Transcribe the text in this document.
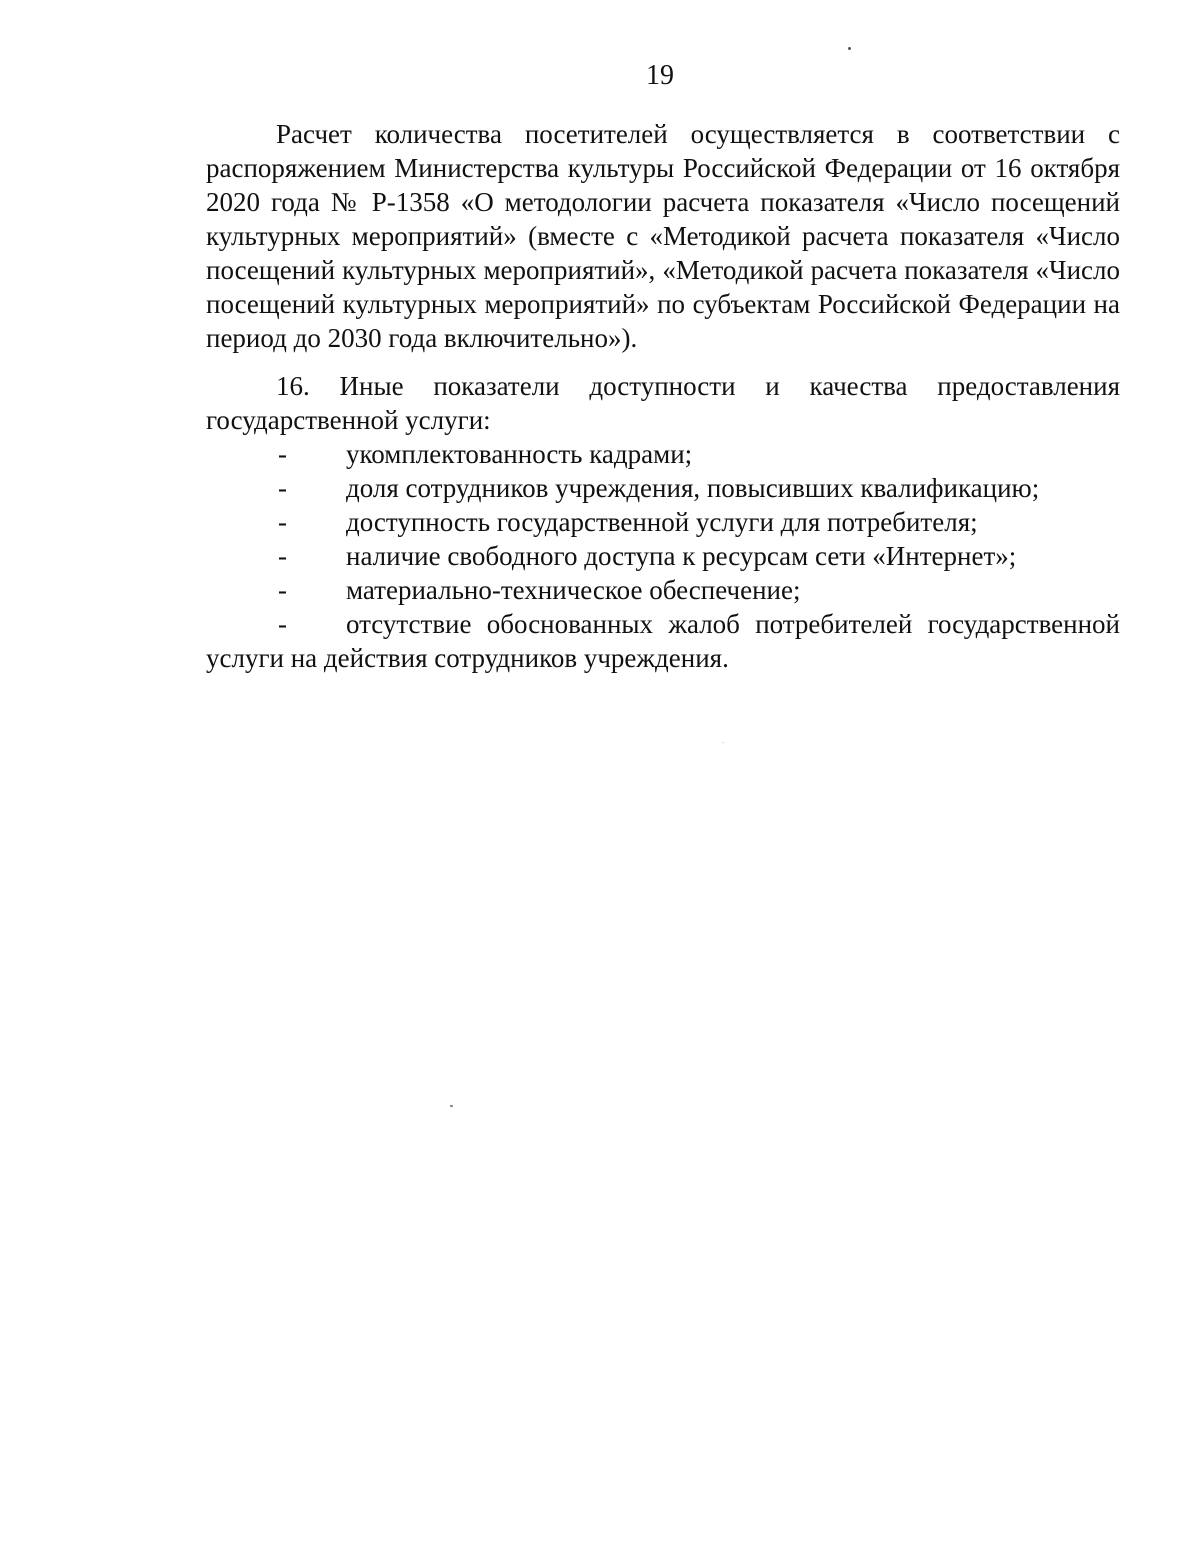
19

Расчет количества посетителей осуществляется в соответствии с распоряжением Министерства культуры Российской Федерации от 16 октября 2020 года № Р-1358 «О методологии расчета показателя «Число посещений культурных мероприятий» (вместе с «Методикой расчета показателя «Число посещений культурных мероприятий», «Методикой расчета показателя «Число посещений культурных мероприятий» по субъектам Российской Федерации на период до 2030 года включительно»).

16. Иные показатели доступности и качества предоставления государственной услуги:

- укомплектованность кадрами;
- доля сотрудников учреждения, повысивших квалификацию;
- доступность государственной услуги для потребителя;
- наличие свободного доступа к ресурсам сети «Интернет»;
- материально-техническое обеспечение;
- отсутствие обоснованных жалоб потребителей государственной услуги на действия сотрудников учреждения.
